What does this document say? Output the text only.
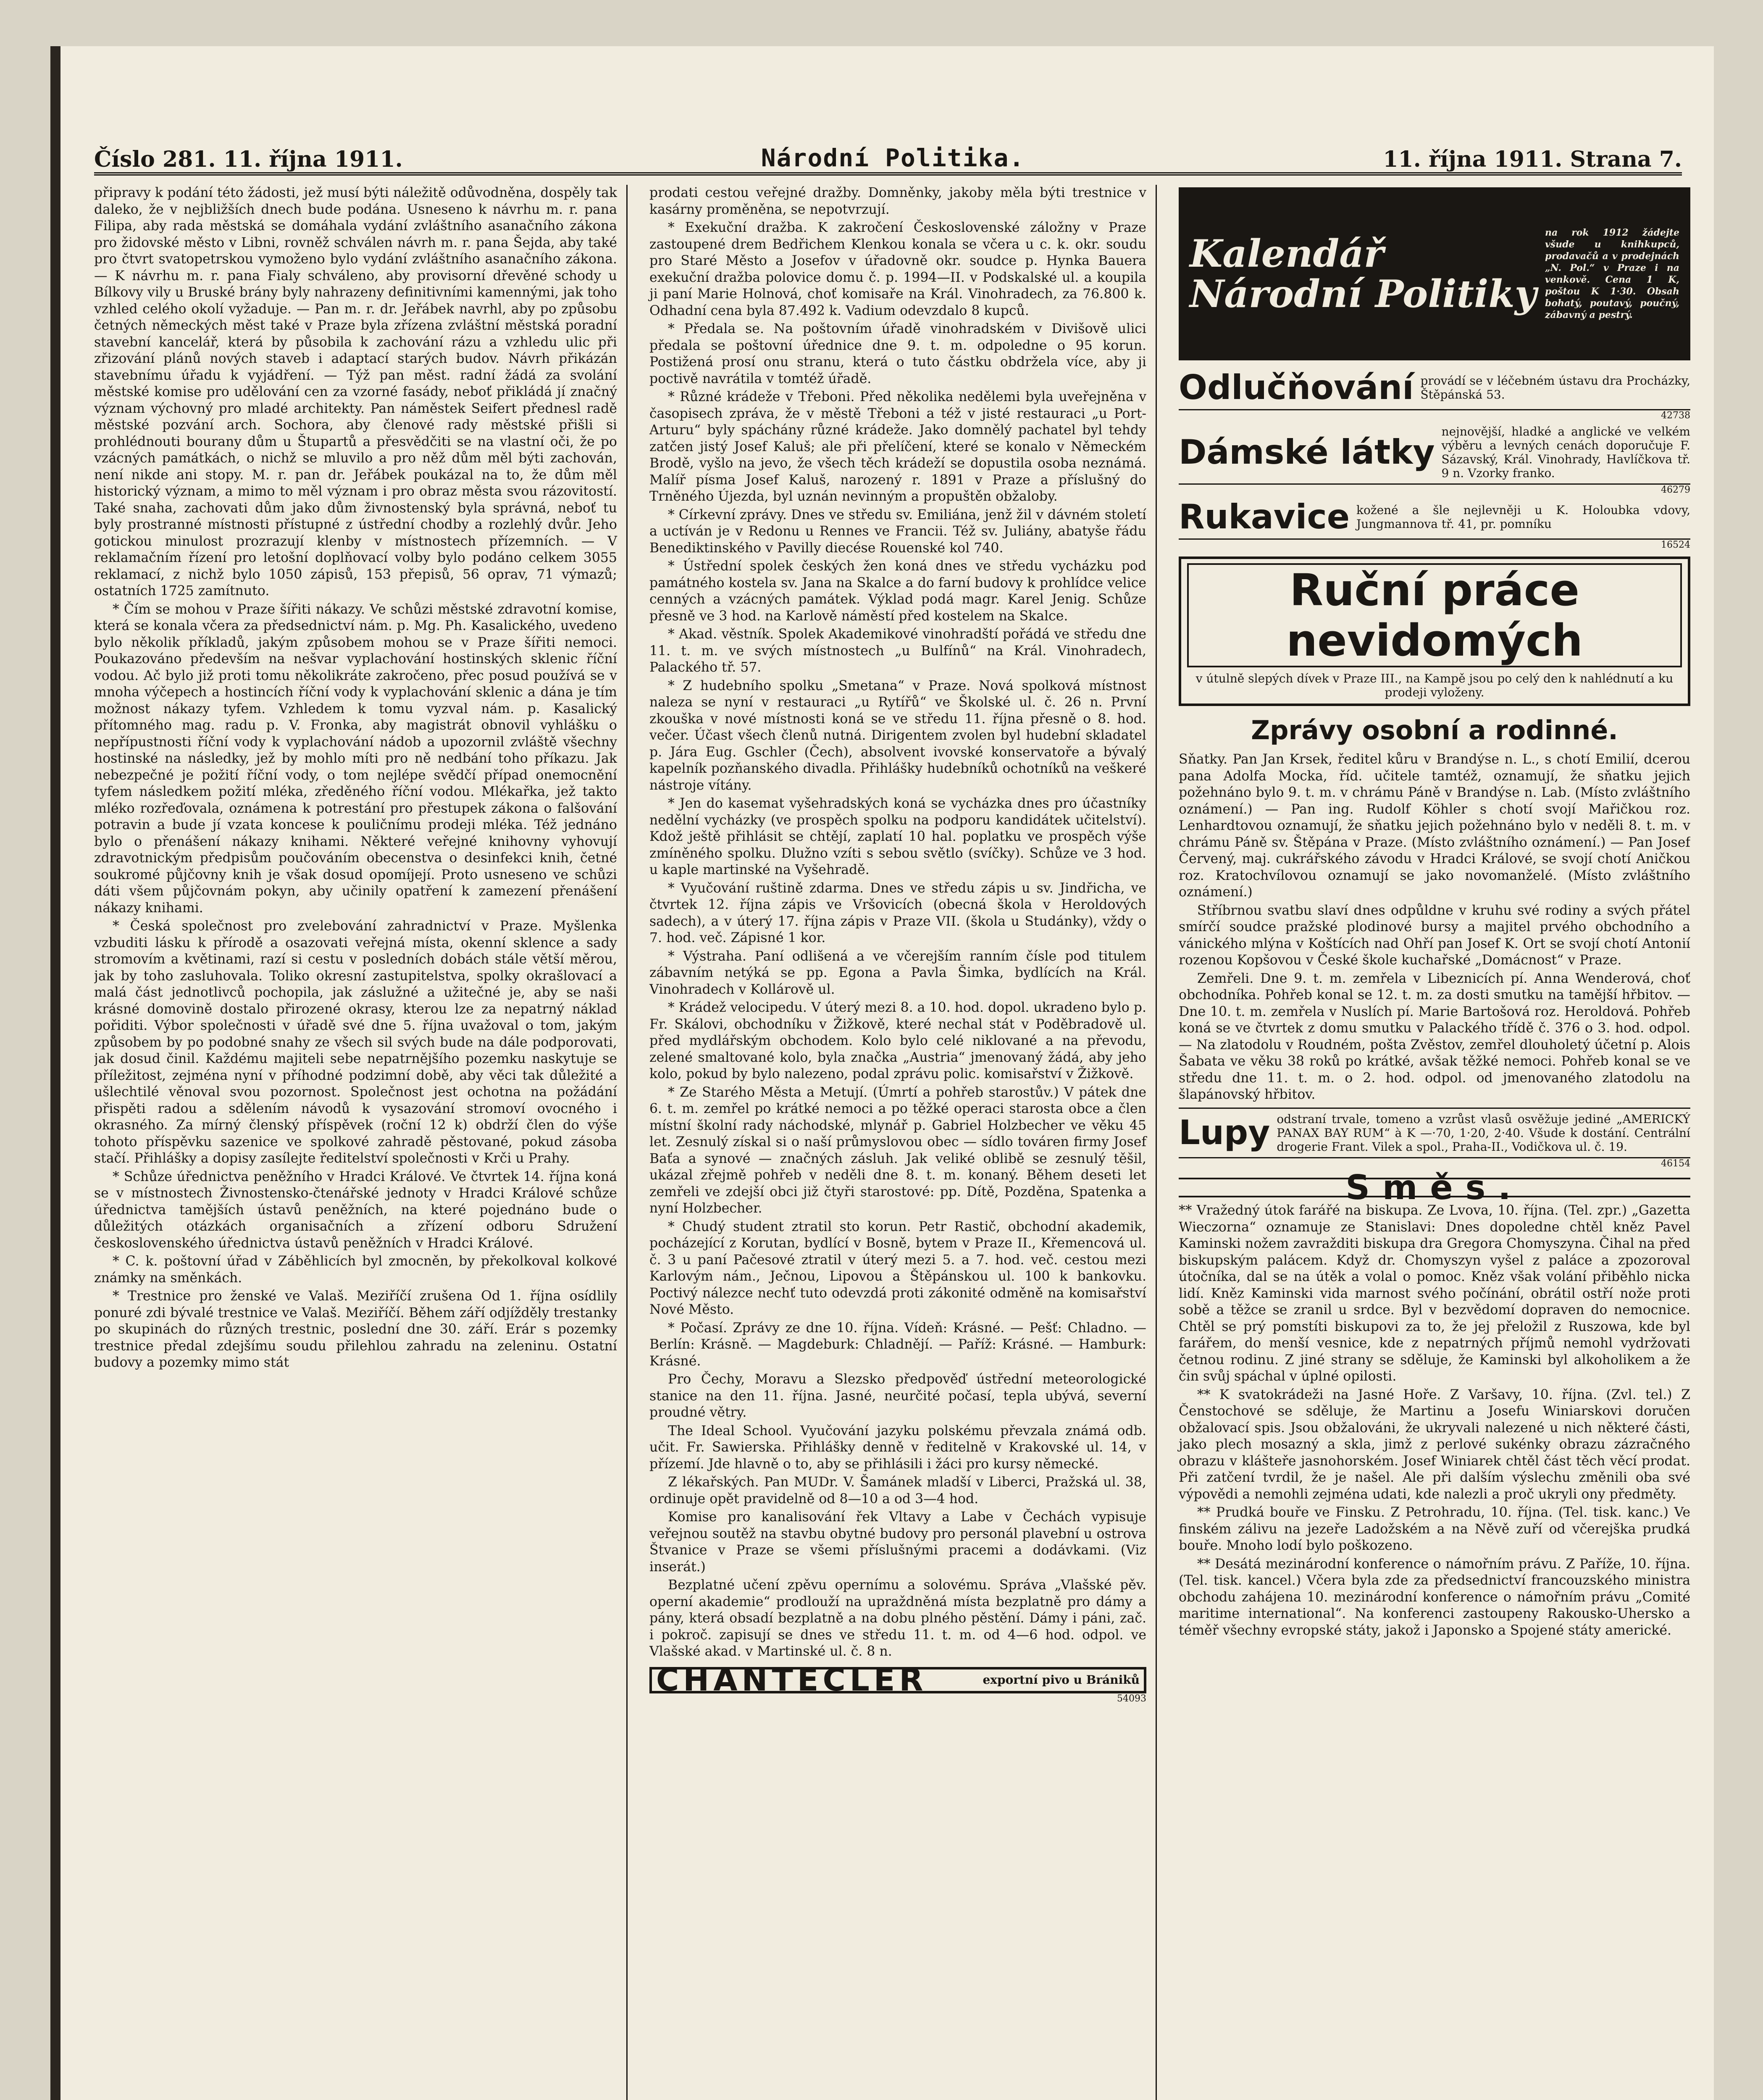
Číslo 281. 11. října 1911.	Národní Politika.	11. října 1911. Strana 7.

připravy k podání této žádosti, jež musí býti náležitě odůvodněna, dospěly tak daleko, že v nejbližších dnech bude podána. Usneseno k návrhu m. r. pana Filipa, aby rada městská se domáhala vydání zvláštního asanačního zákona pro židovské město v Libni, rovněž schválen návrh m. r. pana Šejda, aby také pro čtvrt svatopetrskou vymoženo bylo vydání zvláštního asanačního zákona. — K návrhu m. r. pana Fialy schváleno, aby provisorní dřevěné schody u Bílkovy vily u Bruské brány byly nahrazeny definitivními kamennými, jak toho vzhled celého okolí vyžaduje. — Pan m. r. dr. Jeřábek navrhl, aby po způsobu četných německých měst také v Praze byla zřízena zvláštní městská poradní stavební kancelář, která by působila k zachování rázu a vzhledu ulic při zřizování plánů nových staveb i adaptací starých budov. Návrh přikázán stavebnímu úřadu k vyjádření. — Týž pan měst. radní žádá za svolání městské komise pro udělování cen za vzorné fasády, neboť přikládá jí značný význam výchovný pro mladé architekty. Pan náměstek Seifert přednesl radě městské pozvání arch. Sochora, aby členové rady městské přišli si prohlédnouti bourany dům u Štupartů a přesvědčiti se na vlastní oči, že po vzácných památkách, o nichž se mluvilo a pro něž dům měl býti zachován, není nikde ani stopy. M. r. pan dr. Jeřábek poukázal na to, že dům měl historický význam, a mimo to měl význam i pro obraz města svou rázovitostí. Také snaha, zachovati dům jako dům živnostenský byla správná, neboť tu byly prostranné místnosti přístupné z ústřední chodby a rozlehlý dvůr. Jeho gotickou minulost prozrazují klenby v místnostech přízemních. — V reklamačním řízení pro letošní doplňovací volby bylo podáno celkem 3055 reklamací, z nichž bylo 1050 zápisů, 153 přepisů, 56 oprav, 71 výmazů; ostatních 1725 zamítnuto.

* Čím se mohou v Praze šířiti nákazy. Ve schůzi městské zdravotní komise, která se konala včera za předsednictví nám. p. Mg. Ph. Kasalického, uvedeno bylo několik příkladů, jakým způsobem mohou se v Praze šířiti nemoci. Poukazováno především na nešvar vyplachování hostinských sklenic říční vodou. Ač bylo již proti tomu několikráte zakročeno, přec posud používá se v mnoha výčepech a hostincích říční vody k vyplachování sklenic a dána je tím možnost nákazy tyfem. Vzhledem k tomu vyzval nám. p. Kasalický přítomného mag. radu p. V. Fronka, aby magistrát obnovil vyhlášku o nepřípustnosti říční vody k vyplachování nádob a upozornil zvláště všechny hostinské na následky, jež by mohlo míti pro ně nedbání toho příkazu. Jak nebezpečné je požití říční vody, o tom nejlépe svědčí případ onemocnění tyfem následkem požití mléka, zředěného říční vodou. Mlékařka, jež takto mléko rozřeďovala, oznámena k potrestání pro přestupek zákona o falšování potravin a bude jí vzata koncese k pouličnímu prodeji mléka. Též jednáno bylo o přenášení nákazy knihami. Některé veřejné knihovny vyhovují zdravotnickým předpisům poučováním obecenstva o desinfekci knih, četné soukromé půjčovny knih je však dosud opomíjejí. Proto usneseno ve schůzi dáti všem půjčovnám pokyn, aby učinily opatření k zamezení přenášení nákazy knihami.

* Česká společnost pro zvelebování zahradnictví v Praze. Myšlenka vzbuditi lásku k přírodě a osazovati veřejná místa, okenní sklence a sady stromovím a květinami, razí si cestu v posledních dobách stále větší měrou, jak by toho zasluhovala. Toliko okresní zastupitelstva, spolky okrašlovací a malá část jednotlivců pochopila, jak záslužné a užitečné je, aby se naši krásné domovině dostalo přirozené okrasy, kterou lze za nepatrný náklad pořiditi. Výbor společnosti v úřadě své dne 5. října uvažoval o tom, jakým způsobem by po podobné snahy ze všech sil svých bude na dále podporovati, jak dosud činil. Každému majiteli sebe nepatrnějšího pozemku naskytuje se příležitost, zejména nyní v příhodné podzimní době, aby věci tak důležité a ušlechtilé věnoval svou pozornost. Společnost jest ochotna na požádání přispěti radou a sdělením návodů k vysazování stromoví ovocného i okrasného. Za mírný členský příspěvek (roční 12 k) obdrží člen do výše tohoto příspěvku sazenice ve spolkové zahradě pěstované, pokud zásoba stačí. Přihlášky a dopisy zasílejte ředitelství společnosti v Krči u Prahy.

* Schůze úřednictva peněžního v Hradci Králové. Ve čtvrtek 14. října koná se v místnostech Živnostensko-čtenářské jednoty v Hradci Králové schůze úřednictva tamějších ústavů peněžních, na které pojednáno bude o důležitých otázkách organisačních a zřízení odboru Sdružení československého úřednictva ústavů peněžních v Hradci Králové.

* C. k. poštovní úřad v Záběhlicích byl zmocněn, by překolkoval kolkové známky na směnkách.

* Trestnice pro ženské ve Valaš. Meziříčí zrušena Od 1. října osídlily ponuré zdi bývalé trestnice ve Valaš. Meziříčí. Během září odjížděly trestanky po skupinách do různých trestnic, poslední dne 30. září. Erár s pozemky trestnice předal zdejšímu soudu přilehlou zahradu na zeleninu. Ostatní budovy a pozemky mimo stát

prodati cestou veřejné dražby. Domněnky, jakoby měla býti trestnice v kasárny proměněna, se nepotvrzují.

* Exekuční dražba. K zakročení Československé záložny v Praze zastoupené drem Bedřichem Klenkou konala se včera u c. k. okr. soudu pro Staré Město a Josefov v úřadovně okr. soudce p. Hynka Bauera exekuční dražba polovice domu č. p. 1994—II. v Podskalské ul. a koupila ji paní Marie Holnová, choť komisaře na Král. Vinohradech, za 76.800 k. Odhadní cena byla 87.492 k. Vadium odevzdalo 8 kupců.

* Předala se. Na poštovním úřadě vinohradském v Divišově ulici předala se poštovní úřednice dne 9. t. m. odpoledne o 95 korun. Postižená prosí onu stranu, která o tuto částku obdržela více, aby ji poctivě navrátila v tomtéž úřadě.

* Různé krádeže v Třeboni. Před několika nedělemi byla uveřejněna v časopisech zpráva, že v městě Třeboni a též v jisté restauraci „u Port-Arturu“ byly spáchány různé krádeže. Jako domnělý pachatel byl tehdy zatčen jistý Josef Kaluš; ale při přelíčení, které se konalo v Německém Brodě, vyšlo na jevo, že všech těch krádeží se dopustila osoba neznámá. Malíř písma Josef Kaluš, narozený r. 1891 v Praze a příslušný do Trněného Újezda, byl uznán nevinným a propuštěn obžaloby.

* Církevní zprávy. Dnes ve středu sv. Emiliána, jenž žil v dávném století a uctíván je v Redonu u Rennes ve Francii. Též sv. Juliány, abatyše řádu Benediktinského v Pavilly diecése Rouenské kol 740.

* Ústřední spolek českých žen koná dnes ve středu vycházku pod památného kostela sv. Jana na Skalce a do farní budovy k prohlídce velice cenných a vzácných památek. Výklad podá magr. Karel Jenig. Schůze přesně ve 3 hod. na Karlově náměstí před kostelem na Skalce.

* Akad. věstník. Spolek Akademikové vinohradští pořádá ve středu dne 11. t. m. ve svých místnostech „u Bulfínů“ na Král. Vinohradech, Palackého tř. 57.

* Z hudebního spolku „Smetana“ v Praze. Nová spolková místnost naleza se nyní v restauraci „u Rytířů“ ve Školské ul. č. 26 n. První zkouška v nové místnosti koná se ve středu 11. října přesně o 8. hod. večer. Účast všech členů nutná. Dirigentem zvolen byl hudební skladatel p. Jára Eug. Gschler (Čech), absolvent ivovské konservatoře a bývalý kapelník pozňanského divadla. Přihlášky hudebníků ochotníků na veškeré nástroje vítány.

* Jen do kasemat vyšehradských koná se vycházka dnes pro účastníky nedělní vycházky (ve prospěch spolku na podporu kandidátek učitelství). Kdož ještě přihlásit se chtějí, zaplatí 10 hal. poplatku ve prospěch výše zmíněného spolku. Dlužno vzíti s sebou světlo (svíčky). Schůze ve 3 hod. u kaple martinské na Vyšehradě.

* Vyučování ruštině zdarma. Dnes ve středu zápis u sv. Jindřicha, ve čtvrtek 12. října zápis ve Vršovicích (obecná škola v Heroldových sadech), a v úterý 17. října zápis v Praze VII. (škola u Studánky), vždy o 7. hod. več. Zápisné 1 kor.

* Výstraha. Paní odlišená a ve včerejším ranním čísle pod titulem zábavním netýká se pp. Egona a Pavla Šimka, bydlících na Král. Vinohradech v Kollárově ul.

* Krádež velocipedu. V úterý mezi 8. a 10. hod. dopol. ukradeno bylo p. Fr. Skálovi, obchodníku v Žižkově, které nechal stát v Poděbradově ul. před mydlářským obchodem. Kolo bylo celé niklované a na převodu, zelené smaltované kolo, byla značka „Austria“ jmenovaný žádá, aby jeho kolo, pokud by bylo nalezeno, podal zprávu polic. komisařství v Žižkově.

* Ze Starého Města a Metují. (Úmrtí a pohřeb starostův.) V pátek dne 6. t. m. zemřel po krátké nemoci a po těžké operaci starosta obce a člen místní školní rady náchodské, mlynář p. Gabriel Holzbecher ve věku 45 let. Zesnulý získal si o naší průmyslovou obec — sídlo továren firmy Josef Baťa a synové — značných zásluh. Jak veliké oblibě se zesnulý těšil, ukázal zřejmě pohřeb v neděli dne 8. t. m. konaný. Během deseti let zemřeli ve zdejší obci již čtyři starostové: pp. Dítě, Pozděna, Spatenka a nyní Holzbecher.

* Chudý student ztratil sto korun. Petr Rastič, obchodní akademik, pocházející z Korutan, bydlící v Bosně, bytem v Praze II., Křemencová ul. č. 3 u paní Pačesové ztratil v úterý mezi 5. a 7. hod. več. cestou mezi Karlovým nám., Ječnou, Lipovou a Štěpánskou ul. 100 k bankovku. Poctivý nálezce nechť tuto odevzdá proti zákonité odměně na komisařství Nové Město.

* Počasí. Zprávy ze dne 10. října. Vídeň: Krásné. — Pešť: Chladno. — Berlín: Krásně. — Magdeburk: Chladnějí. — Paříž: Krásné. — Hamburk: Krásné.

Pro Čechy, Moravu a Slezsko předpověď ústřední meteorologické stanice na den 11. října. Jasné, neurčité počasí, tepla ubývá, severní proudné větry.

The Ideal School. Vyučování jazyku polskému převzala známá odb. učit. Fr. Sawierska. Přihlášky denně v ředitelně v Krakovské ul. 14, v přízemí. Jde hlavně o to, aby se přihlásili i žáci pro kursy německé.

Z lékařských. Pan MUDr. V. Šamánek mladší v Liberci, Pražská ul. 38, ordinuje opět pravidelně od 8—10 a od 3—4 hod.

Komise pro kanalisování řek Vltavy a Labe v Čechách vypisuje veřejnou soutěž na stavbu obytné budovy pro personál plavební u ostrova Štvanice v Praze se všemi příslušnými pracemi a dodávkami. (Viz inserát.)

Bezplatné učení zpěvu opernímu a solovému. Správa „Vlašské pěv. operní akademie“ prodlouží na upraždněná místa bezplatně pro dámy a pány, která obsadí bezplatně a na dobu plného pěstění. Dámy i páni, zač. i pokroč. zapisují se dnes ve středu 11. t. m. od 4—6 hod. odpol. ve Vlašské akad. v Martinské ul. č. 8 n.

CHANTECLER	exportní pivo u Brániků
54093
Kalendář Národní Politiky
na rok 1912 žádejte všude u knihkupců, prodavačů a v prodejnách „N. Pol.“ v Praze i na venkově. Cena 1 K, poštou K 1·30. Obsah bohatý, poutavý, poučný, zábavný a pestrý.
Odlučňování provádí se v léčebném ústavu dra Procházky, Štěpánská 53.
42738
Dámské látky
nejnovější, hladké a anglické ve velkém výběru a levných cenách doporučuje F. Sázavský, Král. Vinohrady, Havlíčkova tř. 9 n. Vzorky franko.
46279
Rukavice kožené a šle nejlevněji u K. Holoubka vdovy, Jungmannova tř. 41, pr. pomníku
16524
Ruční práce nevidomých
v útulně slepých dívek v Praze III., na Kampě jsou po celý den k nahlédnutí a ku prodeji vyloženy.
Zprávy osobní a rodinné.

Sňatky. Pan Jan Krsek, ředitel kůru v Brandýse n. L., s chotí Emilií, dcerou pana Adolfa Mocka, říd. učitele tamtéž, oznamují, že sňatku jejich požehnáno bylo 9. t. m. v chrámu Páně v Brandýse n. Lab. (Místo zvláštního oznámení.) — Pan ing. Rudolf Köhler s chotí svojí Mařičkou roz. Lenhardtovou oznamují, že sňatku jejich požehnáno bylo v neděli 8. t. m. v chrámu Páně sv. Štěpána v Praze. (Místo zvláštního oznámení.) — Pan Josef Červený, maj. cukrářského závodu v Hradci Králové, se svojí chotí Aničkou roz. Kratochvílovou oznamují se jako novomanželé. (Místo zvláštního oznámení.)

Stříbrnou svatbu slaví dnes odpůldne v kruhu své rodiny a svých přátel smírčí soudce pražské plodinové bursy a majitel prvého obchodního a vánického mlýna v Koštících nad Ohří pan Josef K. Ort se svojí chotí Antonií rozenou Kopšovou v České škole kuchařské „Domácnost“ v Praze.

Zemřeli. Dne 9. t. m. zemřela v Libeznicích pí. Anna Wenderová, choť obchodníka. Pohřeb konal se 12. t. m. za dosti smutku na tamější hřbitov. — Dne 10. t. m. zemřela v Nuslích pí. Marie Bartošová roz. Heroldová. Pohřeb koná se ve čtvrtek z domu smutku v Palackého třídě č. 376 o 3. hod. odpol. — Na zlatodolu v Roudném, pošta Zvěstov, zemřel dlouholetý účetní p. Alois Šabata ve věku 38 roků po krátké, avšak těžké nemoci. Pohřeb konal se ve středu dne 11. t. m. o 2. hod. odpol. od jmenovaného zlatodolu na šlapánovský hřbitov.

Lupy odstraní trvale, tomeno a vzrůst vlasů osvěžuje jediné „AMERICKÝ PANAX BAY RUM“ à K —·70, 1·20, 2·40. Všude k dostání. Centrální drogerie Frant. Vilek a spol., Praha-II., Vodičkova ul. č. 19.
46154
Směs.

** Vražedný útok farářé na biskupa. Ze Lvova, 10. října. (Tel. zpr.) „Gazetta Wieczorna“ oznamuje ze Stanislavi: Dnes dopoledne chtěl kněz Pavel Kaminski nožem zavražditi biskupa dra Gregora Chomyszyna. Čihal na před biskupským palácem. Když dr. Chomyszyn vyšel z paláce a zpozoroval útočníka, dal se na útěk a volal o pomoc. Kněz však volání přiběhlo nicka lidí. Kněz Kaminski vida marnost svého počínání, obrátil ostří nože proti sobě a těžce se zranil u srdce. Byl v bezvědomí dopraven do nemocnice. Chtěl se prý pomstíti biskupovi za to, že jej přeložil z Ruszowa, kde byl farářem, do menší vesnice, kde z nepatrných příjmů nemohl vydržovati četnou rodinu. Z jiné strany se sděluje, že Kaminski byl alkoholikem a že čin svůj spáchal v úplné opilosti.

** K svatokrádeži na Jasné Hoře. Z Varšavy, 10. října. (Zvl. tel.) Z Čenstochové se sděluje, že Martinu a Josefu Winiarskovi doručen obžalovací spis. Jsou obžalováni, že ukryvali nalezené u nich některé části, jako plech mosazný a skla, jimž z perlové sukénky obrazu zázračného obrazu v klášteře jasnohorském. Josef Winiarek chtěl část těch věcí prodat. Při zatčení tvrdil, že je našel. Ale při dalším výslechu změnili oba své výpovědi a nemohli zejména udati, kde nalezli a proč ukryli ony předměty.

** Prudká bouře ve Finsku. Z Petrohradu, 10. října. (Tel. tisk. kanc.) Ve finském zálivu na jezeře Ladožském a na Něvě zuří od včerejška prudká bouře. Mnoho lodí bylo poškozeno.

** Desátá mezinárodní konference o námořním právu. Z Paříže, 10. října. (Tel. tisk. kancel.) Včera byla zde za předsednictví francouzského ministra obchodu zahájena 10. mezinárodní konference o námořním právu „Comité maritime international“. Na konferenci zastoupeny Rakousko-Uhersko a téměř všechny evropské státy, jakož i Japonsko a Spojené státy americké.
